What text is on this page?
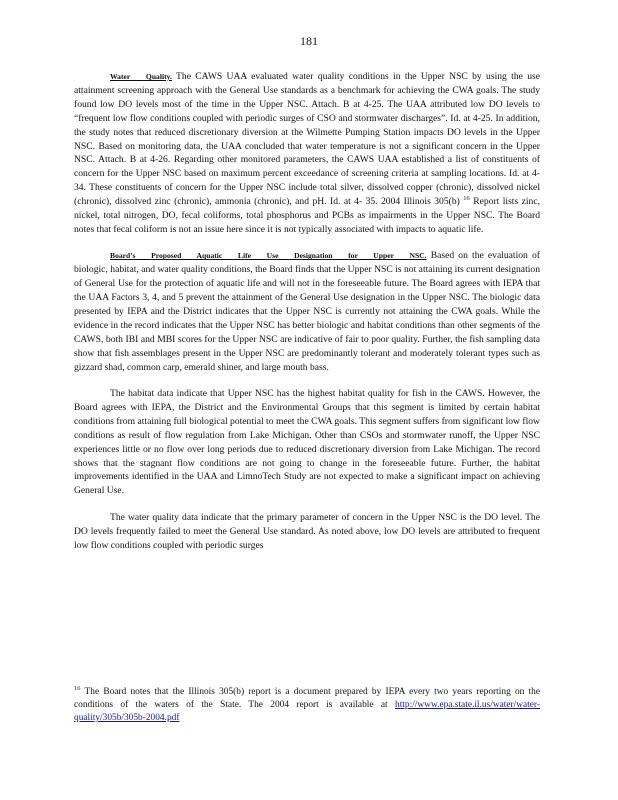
181

Water Quality. The CAWS UAA evaluated water quality conditions in the Upper NSC by using the use attainment screening approach with the General Use standards as a benchmark for achieving the CWA goals. The study found low DO levels most of the time in the Upper NSC. Attach. B at 4-25. The UAA attributed low DO levels to “frequent low flow conditions coupled with periodic surges of CSO and stormwater discharges”. Id. at 4-25. In addition, the study notes that reduced discretionary diversion at the Wilmette Pumping Station impacts DO levels in the Upper NSC. Based on monitoring data, the UAA concluded that water temperature is not a significant concern in the Upper NSC. Attach. B at 4-26. Regarding other monitored parameters, the CAWS UAA established a list of constituents of concern for the Upper NSC based on maximum percent exceedance of screening criteria at sampling locations. Id. at 4- 34. These constituents of concern for the Upper NSC include total silver, dissolved copper (chronic), dissolved nickel (chronic), dissolved zinc (chronic), ammonia (chronic), and pH. Id. at 4- 35. 2004 Illinois 305(b) $^{16}$ Report lists zinc, nickel, total nitrogen, DO, fecal coliforms, total phosphorus and PCBs as impairments in the Upper NSC. The Board notes that fecal coliform is not an issue here since it is not typically associated with impacts to aquatic life.

Board’s Proposed Aquatic Life Use Designation for Upper NSC. Based on the evaluation of biologic, habitat, and water quality conditions, the Board finds that the Upper NSC is not attaining its current designation of General Use for the protection of aquatic life and will not in the foreseeable future. The Board agrees with IEPA that the UAA Factors 3, 4, and 5 prevent the attainment of the General Use designation in the Upper NSC. The biologic data presented by IEPA and the District indicates that the Upper NSC is currently not attaining the CWA goals. While the evidence in the record indicates that the Upper NSC has better biologic and habitat conditions than other segments of the CAWS, both IBI and MBI scores for the Upper NSC are indicative of fair to poor quality. Further, the fish sampling data show that fish assemblages present in the Upper NSC are predominantly tolerant and moderately tolerant types such as gizzard shad, common carp, emerald shiner, and large mouth bass.

The habitat data indicate that Upper NSC has the highest habitat quality for fish in the CAWS. However, the Board agrees with IEPA, the District and the Environmental Groups that this segment is limited by certain habitat conditions from attaining full biological potential to meet the CWA goals. This segment suffers from significant low flow conditions as result of flow regulation from Lake Michigan. Other than CSOs and stormwater runoff, the Upper NSC experiences little or no flow over long periods due to reduced discretionary diversion from Lake Michigan. The record shows that the stagnant flow conditions are not going to change in the foreseeable future. Further, the habitat improvements identified in the UAA and LimnoTech Study are not expected to make a significant impact on achieving General Use.

The water quality data indicate that the primary parameter of concern in the Upper NSC is the DO level. The DO levels frequently failed to meet the General Use standard. As noted above, low DO levels are attributed to frequent low flow conditions coupled with periodic surges

$^{16}$ The Board notes that the Illinois 305(b) report is a document prepared by IEPA every two years reporting on the conditions of the waters of the State. The 2004 report is available at http://www.epa.state.il.us/water/water-quality/305b/305b-2004.pdf
